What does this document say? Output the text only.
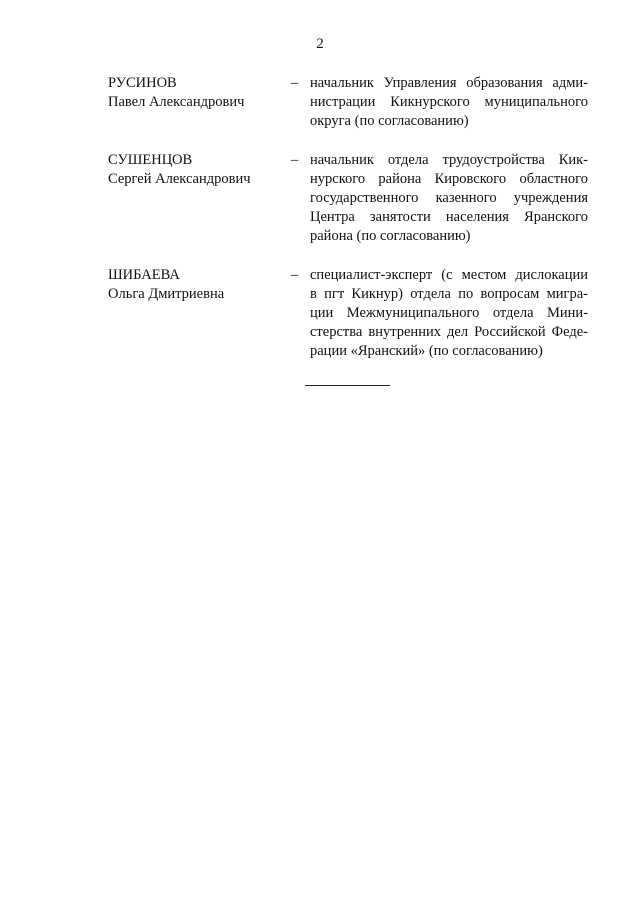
2
РУСИНОВ
Павел Александрович
– начальник Управления образования адми-
нистрации Кикнурского муниципального
округа (по согласованию)
СУШЕНЦОВ
Сергей Александрович
– начальник отдела трудоустройства Кик-
нурского района Кировского областного
государственного казенного учреждения
Центра занятости населения Яранского
района (по согласованию)
ШИБАЕВА
Ольга Дмитриевна
– специалист-эксперт (с местом дислокации
в пгт Кикнур) отдела по вопросам мигра-
ции Межмуниципального отдела Мини-
стерства внутренних дел Российской Феде-
рации «Яранский» (по согласованию)
